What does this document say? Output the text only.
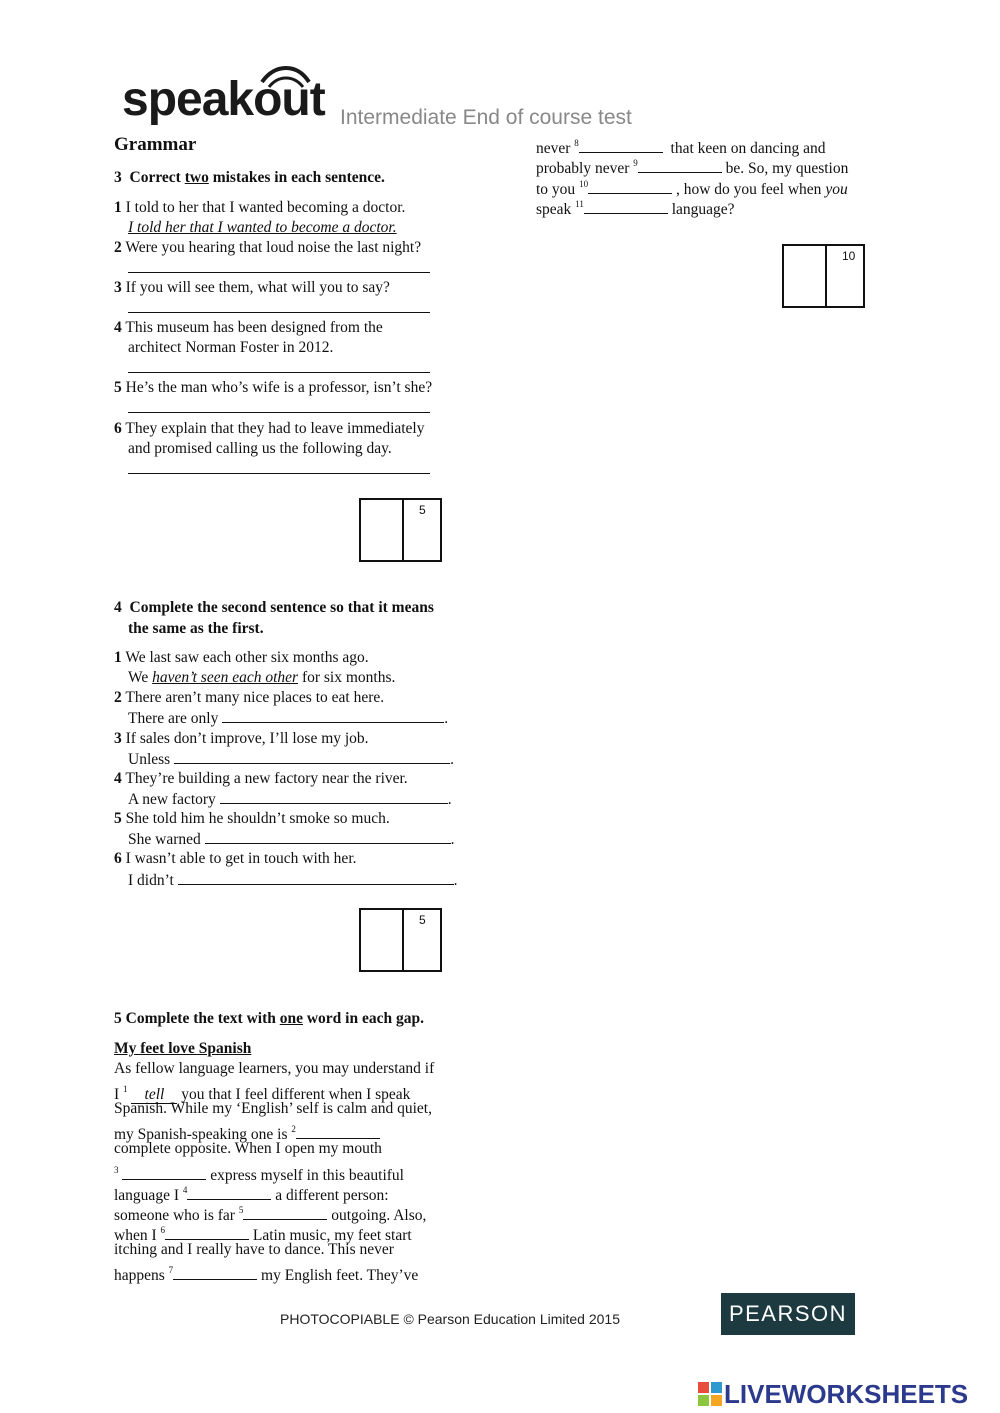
speakout Intermediate End of course test
Grammar
3 Correct two mistakes in each sentence.
1 I told to her that I wanted becoming a doctor.
I told her that I wanted to become a doctor.
2 Were you hearing that loud noise the last night?
3 If you will see them, what will you to say?
4 This museum has been designed from the
architect Norman Foster in 2012.
5 He’s the man who’s wife is a professor, isn’t she?
6 They explain that they had to leave immediately
and promised calling us the following day.
5
4 Complete the second sentence so that it means
the same as the first.
1 We last saw each other six months ago.
We haven’t seen each other for six months.
2 There aren’t many nice places to eat here.
There are only	.
3 If sales don’t improve, I’ll lose my job.
Unless	.
4 They’re building a new factory near the river.
A new factory	.
5 She told him he shouldn’t smoke so much.
She warned	.
6 I wasn’t able to get in touch with her.
I didn’t	.
5
5 Complete the text with one word in each gap.
My feet love Spanish
As fellow language learners, you may understand if
I $^1$ tell you that I feel different when I speak
Spanish. While my ‘English’ self is calm and quiet,
my Spanish-speaking one is $^2$
complete opposite. When I open my mouth
$^3$	express myself in this beautiful
language I $^4$	a different person:
someone who is far $^5$	outgoing. Also,
when I $^6$	Latin music, my feet start
itching and I really have to dance. This never
happens $^7$	my English feet. They’ve
never $^8$	that keen on dancing and
probably never $^9$	be. So, my question
to you $^{10}$	, how do you feel when you
speak $^{11}$	language?
10
PHOTOCOPIABLE © Pearson Education Limited 2015	PEARSON
LIVEWORKSHEETS
